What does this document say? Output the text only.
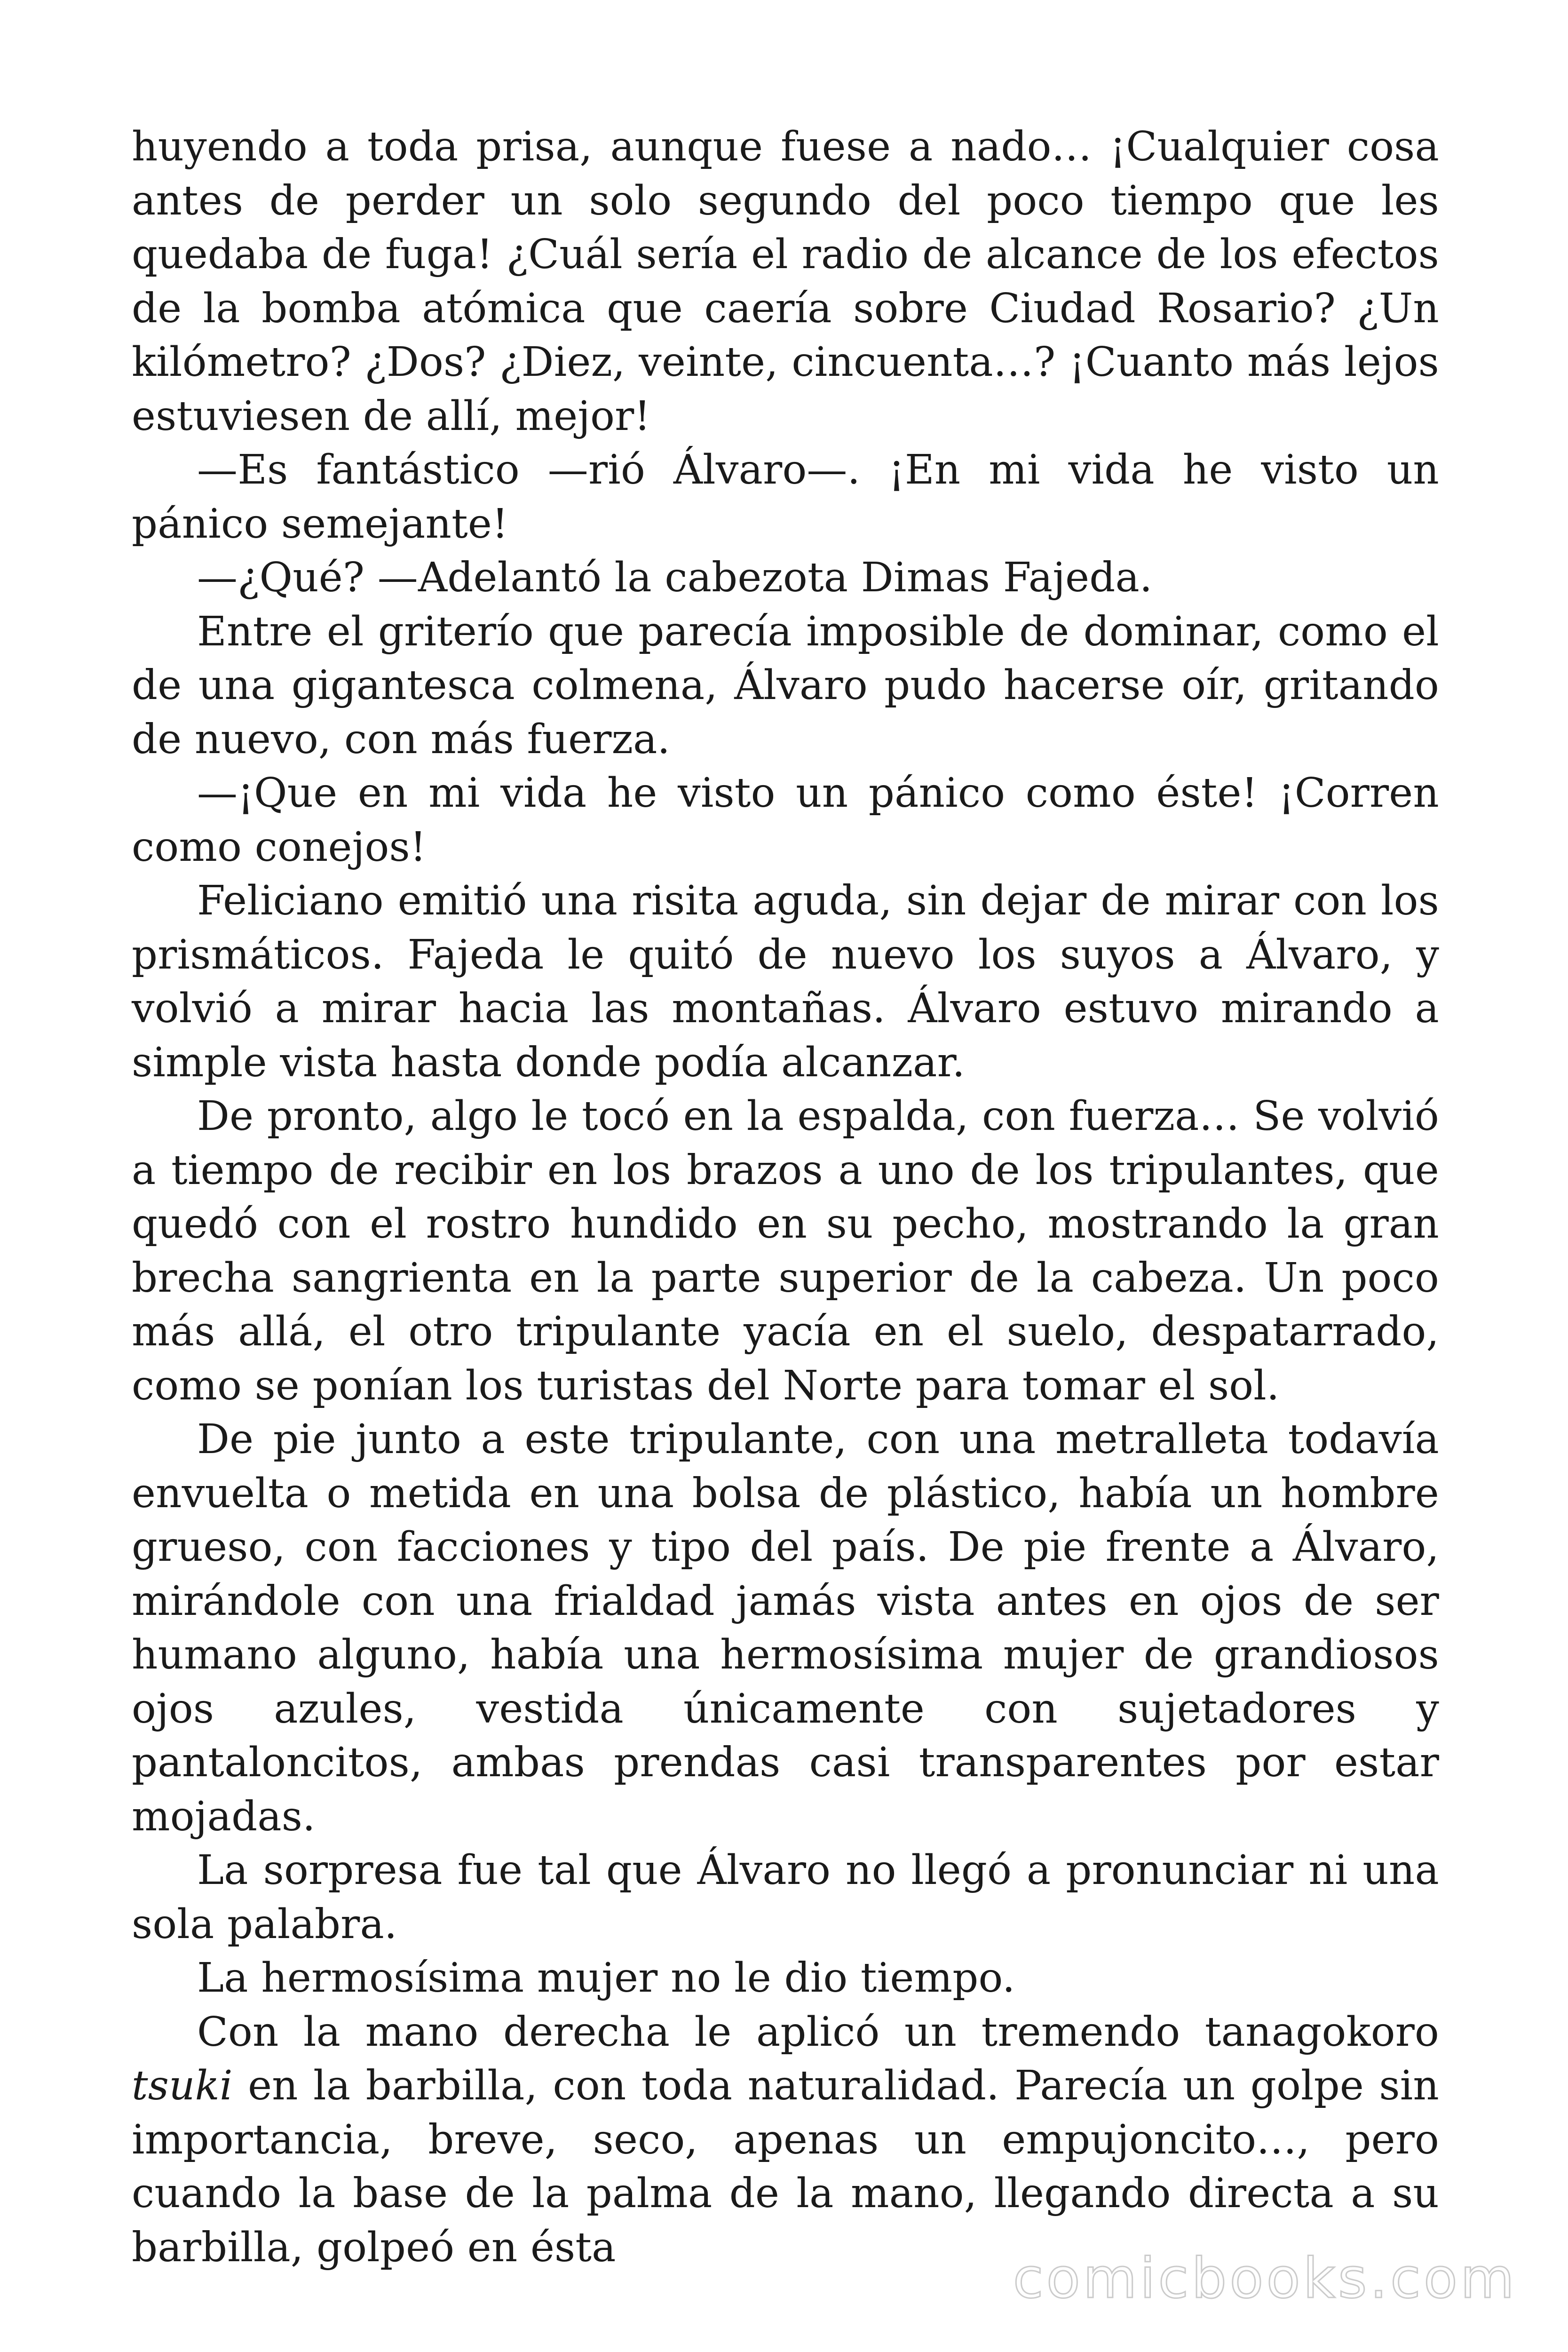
huyendo a toda prisa, aunque fuese a nado… ¡Cualquier cosa antes de perder un solo segundo del poco tiempo que les quedaba de fuga! ¿Cuál sería el radio de alcance de los efectos de la bomba atómica que caería sobre Ciudad Rosario? ¿Un kilómetro? ¿Dos? ¿Diez, veinte, cincuenta…? ¡Cuanto más lejos estuviesen de allí, mejor!

—Es fantástico —rió Álvaro—. ¡En mi vida he visto un pánico semejante!

—¿Qué? —Adelantó la cabezota Dimas Fajeda.

Entre el griterío que parecía imposible de dominar, como el de una gigantesca colmena, Álvaro pudo hacerse oír, gritando de nuevo, con más fuerza.

—¡Que en mi vida he visto un pánico como éste! ¡Corren como conejos!

Feliciano emitió una risita aguda, sin dejar de mirar con los prismáticos. Fajeda le quitó de nuevo los suyos a Álvaro, y volvió a mirar hacia las montañas. Álvaro estuvo mirando a simple vista hasta donde podía alcanzar.

De pronto, algo le tocó en la espalda, con fuerza… Se volvió a tiempo de recibir en los brazos a uno de los tripulantes, que quedó con el rostro hundido en su pecho, mostrando la gran brecha sangrienta en la parte superior de la cabeza. Un poco más allá, el otro tripulante yacía en el suelo, despatarrado, como se ponían los turistas del Norte para tomar el sol.

De pie junto a este tripulante, con una metralleta todavía envuelta o metida en una bolsa de plástico, había un hombre grueso, con facciones y tipo del país. De pie frente a Álvaro, mirándole con una frialdad jamás vista antes en ojos de ser humano alguno, había una hermosísima mujer de grandiosos ojos azules, vestida únicamente con sujetadores y pantaloncitos, ambas prendas casi transparentes por estar mojadas.

La sorpresa fue tal que Álvaro no llegó a pronunciar ni una sola palabra.

La hermosísima mujer no le dio tiempo.

Con la mano derecha le aplicó un tremendo tanagokoro tsuki en la barbilla, con toda naturalidad. Parecía un golpe sin importancia, breve, seco, apenas un empujoncito…, pero cuando la base de la palma de la mano, llegando directa a su barbilla, golpeó en ésta	comicbooks.com
